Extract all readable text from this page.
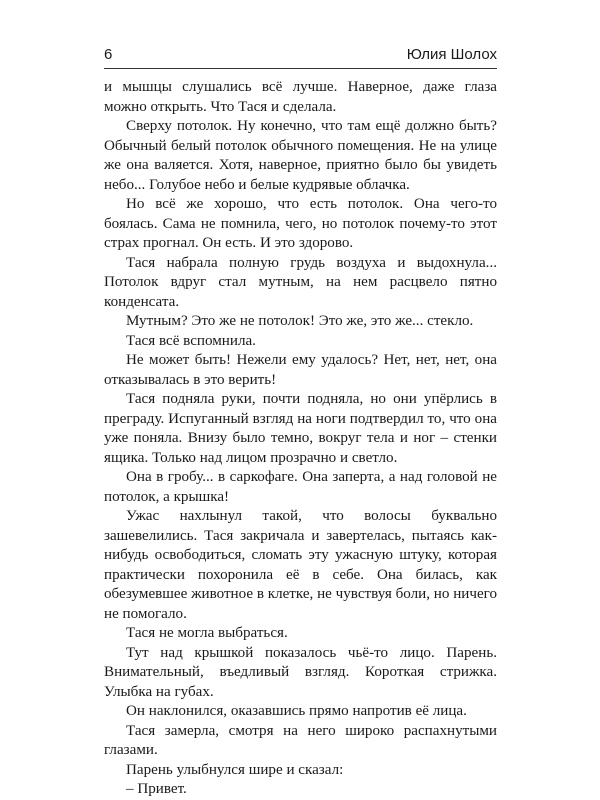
6	Юлия Шолох

и мышцы слушались всё лучше. Наверное, даже глаза можно открыть. Что Тася и сделала.

Сверху потолок. Ну конечно, что там ещё должно быть? Обычный белый потолок обычного помещения. Не на улице же она валяется. Хотя, наверное, приятно было бы увидеть небо... Голубое небо и белые кудрявые облачка.

Но всё же хорошо, что есть потолок. Она чего-то боялась. Сама не помнила, чего, но потолок почему-то этот страх прогнал. Он есть. И это здорово.

Тася набрала полную грудь воздуха и выдохнула... Потолок вдруг стал мутным, на нем расцвело пятно конденсата.

Мутным? Это же не потолок! Это же, это же... стекло.

Тася всё вспомнила.

Не может быть! Нежели ему удалось? Нет, нет, нет, она отказывалась в это верить!

Тася подняла руки, почти подняла, но они упёрлись в преграду. Испуганный взгляд на ноги подтвердил то, что она уже поняла. Внизу было темно, вокруг тела и ног – стенки ящика. Только над лицом прозрачно и светло.

Она в гробу... в саркофаге. Она заперта, а над головой не потолок, а крышка!

Ужас нахлынул такой, что волосы буквально зашевелились. Тася закричала и завертелась, пытаясь как-нибудь освободиться, сломать эту ужасную штуку, которая практически похоронила её в себе. Она билась, как обезумевшее животное в клетке, не чувствуя боли, но ничего не помогало.

Тася не могла выбраться.

Тут над крышкой показалось чьё-то лицо. Парень. Внимательный, въедливый взгляд. Короткая стрижка. Улыбка на губах.

Он наклонился, оказавшись прямо напротив её лица.

Тася замерла, смотря на него широко распахнутыми глазами.

Парень улыбнулся шире и сказал:

– Привет.
